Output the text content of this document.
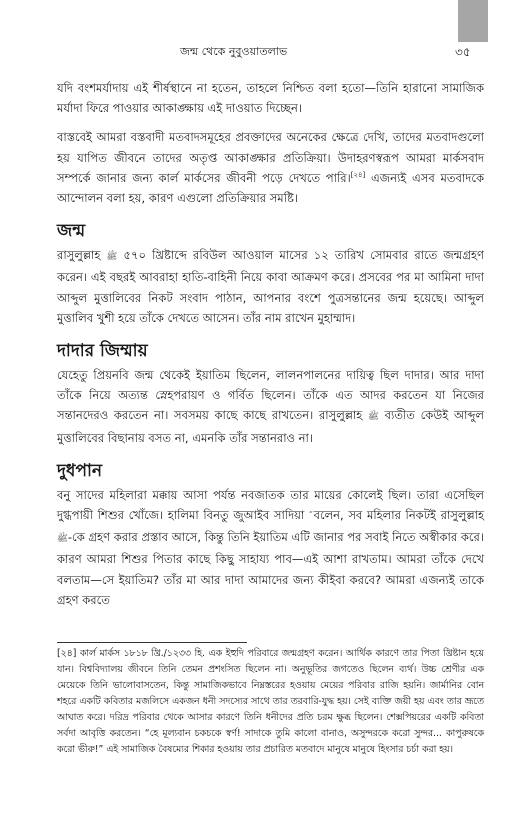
জন্ম থেকে নুবুওয়াতলাভ	৩৫

যদি বংশমর্যাদায় এই শীর্ষস্থানে না হতেন, তাহলে নিশ্চিত বলা হতো—তিনি হারানো সামাজিক মর্যাদা ফিরে পাওয়ার আকাঙ্ক্ষায় এই দাওয়াত দিচ্ছেন।

বাস্তবেই আমরা বস্তবাদী মতবাদসমূহের প্রবক্তাদের অনেকের ক্ষেত্রে দেখি, তাদের মতবাদগুলো হয় যাপিত জীবনে তাদের অতৃপ্ত আকাঙ্ক্ষার প্রতিক্রিয়া। উদাহরণস্বরূপ আমরা মার্কসবাদ সম্পর্কে জানার জন্য কার্ল মার্কসের জীবনী পড়ে দেখতে পারি।[২৪] এজন্যই এসব মতবাদকে আন্দোলন বলা হয়, কারণ এগুলো প্রতিক্রিয়ার সমষ্টি।

জন্ম

রাসুলুল্লাহ ﷺ ৫৭০ খ্রিষ্টাব্দে রবিউল আওয়াল মাসের ১২ তারিখ সোমবার রাতে জন্মগ্রহণ করেন। এই বছরই আবরাহা হাতি-বাহিনী নিয়ে কাবা আক্রমণ করে। প্রসবের পর মা আমিনা দাদা আব্দুল মুত্তালিবের নিকট সংবাদ পাঠান, আপনার বংশে পুত্রসন্তানের জন্ম হয়েছে। আব্দুল মুত্তালিব খুশী হয়ে তাঁকে দেখতে আসেন। তাঁর নাম রাখেন মুহাম্মাদ।

দাদার জিম্মায়

যেহেতু প্রিয়নবি জন্ম থেকেই ইয়াতিম ছিলেন, লালনপালনের দায়িত্ব ছিল দাদার। আর দাদা তাঁকে নিয়ে অত্যন্ত স্নেহপরায়ণ ও গর্বিত ছিলেন। তাঁকে এত আদর করতেন যা নিজের সন্তানদেরও করতেন না। সবসময় কাছে কাছে রাখতেন। রাসুলুল্লাহ ﷺ ব্যতীত কেউই আব্দুল মুত্তালিবের বিছানায় বসত না, এমনকি তাঁর সন্তানরাও না।

দুধপান

বনু সাদের মহিলারা মক্কায় আসা পর্যন্ত নবজাতক তার মায়ের কোলেই ছিল। তারা এসেছিল দুগ্ধপায়ী শিশুর খোঁজে। হালিমা বিনতু জুআইব সাদিয়া বলেন, সব মহিলার নিকটই রাসুলুল্লাহ ﷺ-কে গ্রহণ করার প্রস্তাব আসে, কিন্তু তিনি ইয়াতিম এটি জানার পর সবাই নিতে অস্বীকার করে। কারণ আমরা শিশুর পিতার কাছে কিছু সাহায্য পাব—এই আশা রাখতাম। আমরা তাঁকে দেখে বলতাম—সে ইয়াতিম? তাঁর মা আর দাদা আমাদের জন্য কীইবা করবে? আমরা এজন্যই তাকে গ্রহণ করতে

[২৪] কার্ল মার্কস ১৮১৮ খ্রি./১২৩৩ হি. এক ইহুদি পরিবারে জন্মগ্রহণ করেন। আর্থিক কারণে তার পিতা খ্রিষ্টান হয়ে যান। বিশ্ববিদ্যালয় জীবনে তিনি তেমন প্রশংসিত ছিলেন না। অনুভূতির জগতেও ছিলেন ব্যর্থ। উচ্চ শ্রেণীর এক মেয়েকে তিনি ভালোবাসতেন, কিন্তু সামাজিকভাবে নিম্নস্তরের হওয়ায় মেয়ের পরিবার রাজি হয়নি। জার্মানির বোন শহরে একটি কবিতার মজলিসে একজন ধনী সদস্যের সাথে তার তরবারি-যুদ্ধ হয়। সেই ব্যক্তি জয়ী হয় এবং তার ভ্রূতে আঘাত করে। দরিদ্র পরিবার থেকে আসার কারণে তিনি ধনীদের প্রতি চরম ক্ষুব্ধ ছিলেন। শেক্সপিয়রের একটি কবিতা সর্বদা আবৃত্তি করতেন। “হে মূল্যবান চকচকে স্বর্ণ! সাদাকে তুমি কালো বানাও, অসুন্দরকে করো সুন্দর... কাপুরুষকে করো ভীরু!” এই সামাজিক বৈষম্যের শিকার হওয়ায় তার প্রচারিত মতবাদে মানুষে মানুষে হিংসার চর্চা করা হয়।
